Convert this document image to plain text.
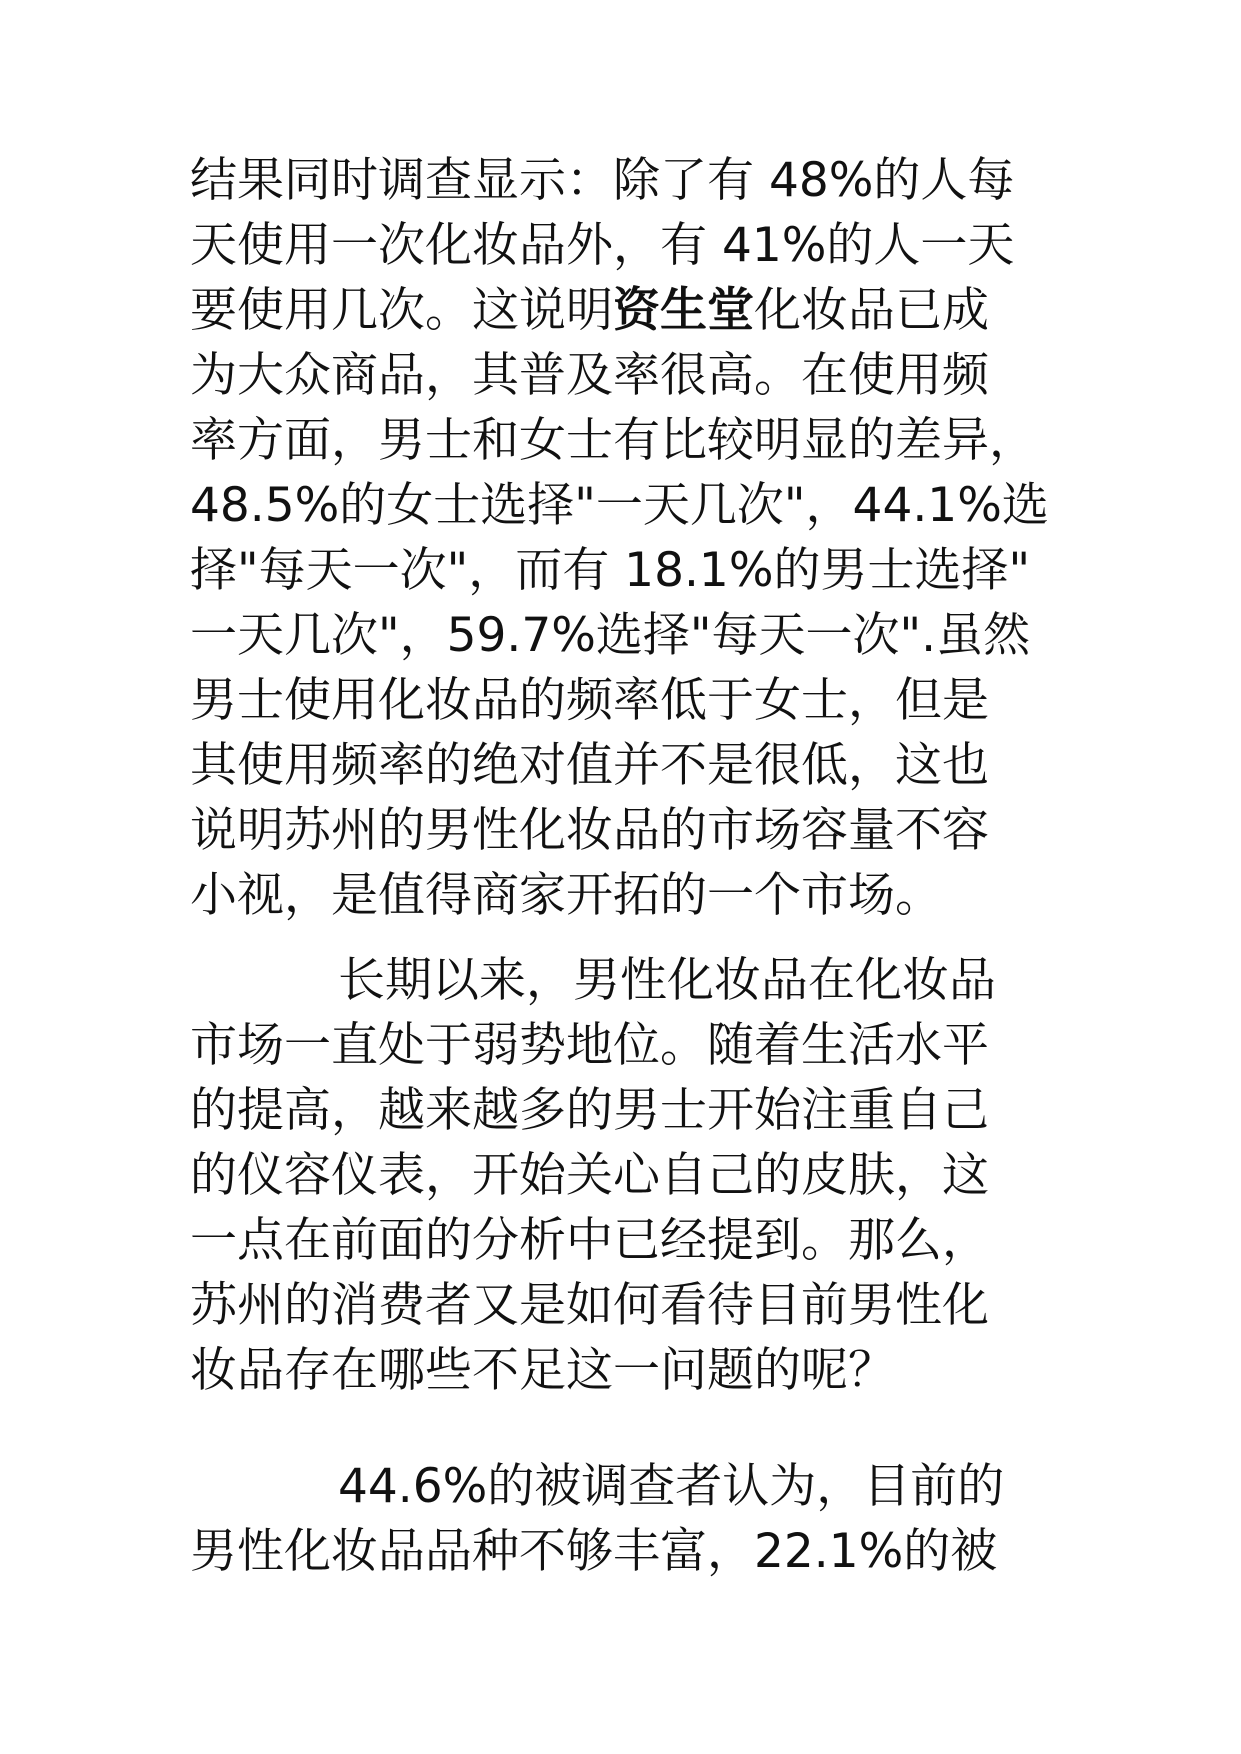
结果同时调查显示：除了有 48%的人每
天使用一次化妆品外，有 41%的人一天
要使用几次。这说明资生堂化妆品已成
为大众商品，其普及率很高。在使用频
率方面，男士和女士有比较明显的差异，
48.5%的女士选择"一天几次"，44.1%选
择"每天一次"，而有 18.1%的男士选择"
一天几次"，59.7%选择"每天一次".虽然
男士使用化妆品的频率低于女士，但是
其使用频率的绝对值并不是很低，这也
说明苏州的男性化妆品的市场容量不容
小视，是值得商家开拓的一个市场。
长期以来，男性化妆品在化妆品
市场一直处于弱势地位。随着生活水平
的提高，越来越多的男士开始注重自己
的仪容仪表，开始关心自己的皮肤，这
一点在前面的分析中已经提到。那么，
苏州的消费者又是如何看待目前男性化
妆品存在哪些不足这一问题的呢？
44.6%的被调查者认为，目前的
男性化妆品品种不够丰富，22.1%的被
